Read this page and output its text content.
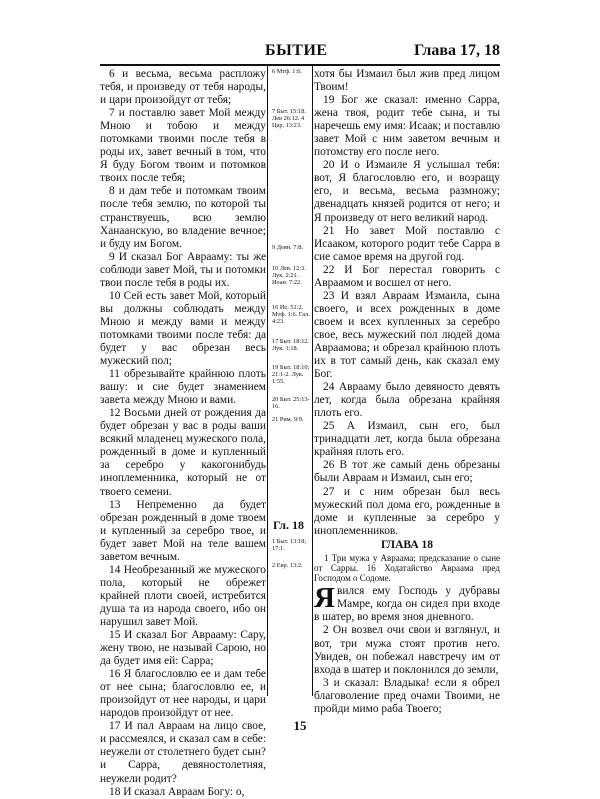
БЫТИЕ	Глава 17, 18

6 и весьма, весьма распложу тебя, и произведу от тебя народы, и цари произойдут от тебя;

7 и поставлю завет Мой между Мною и тобою и между потомками твоими после тебя в роды их, завет вечный в том, что Я буду Богом твоим и потомков твоих после тебя;

8 и дам тебе и потомкам твоим после тебя землю, по которой ты странствуешь, всю землю Ханаанскую, во владение вечное; и буду им Богом.

9 И сказал Бог Аврааму: ты же соблюди завет Мой, ты и потомки твои после тебя в роды их.

10 Сей есть завет Мой, который вы должны соблюдать между Мною и между вами и между потомками твоими после тебя: да будет у вас обрезан весь мужеский пол;

11 обрезывайте крайнюю плоть вашу: и сие будет знамением завета между Мною и вами.

12 Восьми дней от рождения да будет обрезан у вас в роды ваши всякий младенец мужеского пола, рожденный в доме и купленный за серебро у какогонибудь иноплеменника, который не от твоего семени.

13 Непременно да будет обрезан рожденный в доме твоем и купленный за серебро твое, и будет завет Мой на теле вашем заветом вечным.

14 Необрезанный же мужеского пола, который не обрежет крайней плоти своей, истребится душа та из народа своего, ибо он нарушил завет Мой.

15 И сказал Бог Аврааму: Сару, жену твою, не называй Сарою, но да будет имя ей: Сарра;

16 Я благословлю ее и дам тебе от нее сына; благословлю ее, и произойдут от нее народы, и цари народов произойдут от нее.

17 И пал Авраам на лицо свое, и рассмеялся, и сказал сам в себе: неужели от столетнего будет сын? и Сарра, девяностолетняя, неужели родит?

18 И сказал Авраам Богу: о,

6 Мтф. 1:6.
7 Быт. 15:18. Лев 26:12. 4 Цар. 13:23.
9 Деян. 7:8.
10 Лев. 12:3. Лук. 2:21. Иоан. 7:22.
16 Ис. 51:2. Мтф. 1:6. Гал. 4:23.
17 Быт. 18:12. Лук. 1:18.
19 Быт. 18:10; 21:1-2. Лук. 1:55.
20 Быт. 25:13-16.
21 Рим. 9:9.
1 Быт. 13:18; 17:1.
2 Евр. 13:2.
Гл. 18

хотя бы Измаил был жив пред лицом Твоим!

19 Бог же сказал: именно Сарра, жена твоя, родит тебе сына, и ты наречешь ему имя: Исаак; и поставлю завет Мой с ним заветом вечным и потомству его после него.

20 И о Измаиле Я услышал тебя: вот, Я благословлю его, и возращу его, и весьма, весьма размножу; двенадцать князей родится от него; и Я произведу от него великий народ.

21 Но завет Мой поставлю с Исааком, которого родит тебе Сарра в сие самое время на другой год.

22 И Бог перестал говорить с Авраамом и восшел от него.

23 И взял Авраам Измаила, сына своего, и всех рожденных в доме своем и всех купленных за серебро свое, весь мужеский пол людей дома Авраамова; и обрезал крайнюю плоть их в тот самый день, как сказал ему Бог.

24 Аврааму было девяносто девять лет, когда была обрезана крайняя плоть его.

25 А Измаил, сын его, был тринадцати лет, когда была обрезана крайняя плоть его.

26 В тот же самый день обрезаны были Авраам и Измаил, сын его;

27 и с ним обрезан был весь мужеский пол дома его, рожденные в доме и купленные за серебро у иноплеменников.

ГЛАВА 18

1 Три мужа у Авраама; предсказание о сыне от Сарры. 16 Ходатайство Авраама пред Господом о Содоме.

Явился ему Господь у дубравы Мамре, когда он сидел при входе в шатер, во время зноя дневного.

2 Он возвел очи свои и взглянул, и вот, три мужа стоят против него. Увидев, он побежал навстречу им от входа в шатер и поклонился до земли,

3 и сказал: Владыка! если я обрел благоволение пред очами Твоими, не пройди мимо раба Твоего;

15
